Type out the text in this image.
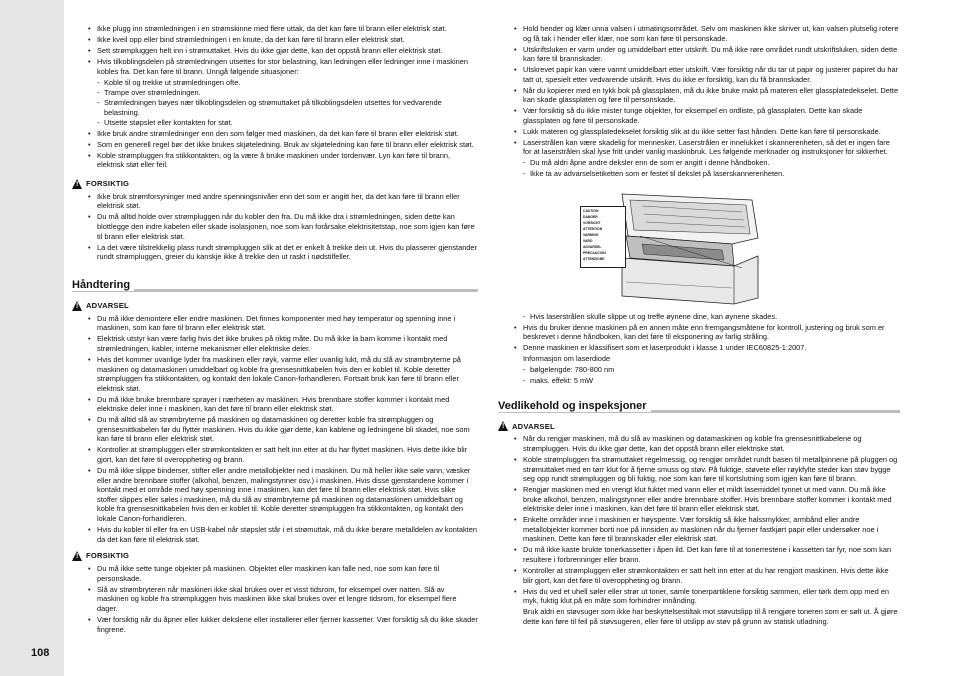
108
• Ikke plugg inn strømledningen i en strømskinne med flere uttak, da det kan føre til brann eller elektrisk støt.
• Ikke kveil opp eller bind strømledningen i en knute, da det kan føre til brann eller elektrisk støt.
• Sett strømpluggen helt inn i strømuttaket. Hvis du ikke gjør dette, kan det oppstå brann eller elektrisk støt.
• Hvis tilkoblingsdelen på strømledningen utsettes for stor belastning, kan ledningen eller ledninger inne i maskinen kobles fra. Det kan føre til brann. Unngå følgende situasjoner:
- Koble til og trekke ut strømledningen ofte.
- Trampe over strømledningen.
- Strømledningen bøyes nær tilkoblingsdelen og strømuttaket på tilkoblingsdelen utsettes for vedvarende belastning.
- Utsette støpslet eller kontakten for støt.
• Ikke bruk andre strømledninger enn den som følger med maskinen, da det kan føre til brann eller elektrisk støt.
• Som en generell regel bør det ikke brukes skjøteledning. Bruk av skjøteledning kan føre til brann eller elektrisk støt.
• Koble strømpluggen fra stikkontakten, og la være å bruke maskinen under tordenvær. Lyn kan føre til brann, elektrisk støt eller feil.
! FORSIKTIG
• Ikke bruk strømforsyninger med andre spenningsnivåer enn det som er angitt her, da det kan føre til brann eller elektrisk støt.
• Du må alltid holde over strømpluggen når du kobler den fra. Du må ikke dra i strømledningen, siden dette kan blottlegge den indre kabelen eller skade isolasjonen, noe som kan forårsake elektrisitetstap, noe som igjen kan føre til brann eller elektrisk støt.
• La det være tilstrekkelig plass rundt strømpluggen slik at det er enkelt å trekke den ut. Hvis du plasserer gjenstander rundt strømpluggen, greier du kanskje ikke å trekke den ut raskt i nødstilfeller.
Håndtering
! ADVARSEL
• Du må ikke demontere eller endre maskinen. Det finnes komponenter med høy temperatur og spenning inne i maskinen, som kan føre til brann eller elektrisk støt.
• Elektrisk utstyr kan være farlig hvis det ikke brukes på riktig måte. Du må ikke la barn komme i kontakt med strømledningen, kabler, interne mekanismer eller elektriske deler.
• Hvis det kommer uvanlige lyder fra maskinen eller røyk, varme eller uvanlig lukt, må du slå av strømbryterne på maskinen og datamaskinen umiddelbart og koble fra grensesnittkabelen hvis den er koblet til. Koble deretter strømpluggen fra stikkontakten, og kontakt den lokale Canon-forhandleren. Fortsatt bruk kan føre til brann eller elektrisk støt.
• Du må ikke bruke brennbare sprayer i nærheten av maskinen. Hvis brennbare stoffer kommer i kontakt med elektriske deler inne i maskinen, kan det føre til brann eller elektrisk støt.
• Du må alltid slå av strømbryterne på maskinen og datamaskinen og deretter koble fra strømpluggen og grensesnittkabelen før du flytter maskinen. Hvis du ikke gjør dette, kan kablene og ledningene bli skadet, noe som kan føre til brann eller elektrisk støt.
• Kontroller at strømpluggen eller strømkontakten er satt helt inn etter at du har flyttet maskinen. Hvis dette ikke blir gjort, kan det føre til overoppheting og brann.
• Du må ikke slippe binderser, stifter eller andre metallobjekter ned i maskinen. Du må heller ikke søle vann, væsker eller andre brennbare stoffer (alkohol, benzen, malingstynner osv.) i maskinen. Hvis disse gjenstandene kommer i kontakt med et område med høy spenning inne i maskinen, kan det føre til brann eller elektrisk støt. Hvis slike stoffer slippes eller søles i maskinen, må du slå av strømbryterne på maskinen og datamaskinen umiddelbart og koble fra grensesnittkabelen hvis den er koblet til. Koble deretter strømpluggen fra stikkontakten, og kontakt den lokale Canon-forhandleren.
• Hvis du kobler til eller fra en USB-kabel når støpslet står i et strømuttak, må du ikke berøre metalldelen av kontakten da det kan føre til elektrisk støt.
! FORSIKTIG
• Du må ikke sette tunge objekter på maskinen. Objektet eller maskinen kan falle ned, noe som kan føre til personskade.
• Slå av strømbryteren når maskinen ikke skal brukes over et visst tidsrom, for eksempel over natten. Slå av maskinen og koble fra strømpluggen hvis maskinen ikke skal brukes over et lengre tidsrom, for eksempel flere dager.
• Vær forsiktig når du åpner eller lukker dekslene eller installerer eller fjerner kassetter. Vær forsiktig så du ikke skader fingrene.
• Hold hender og klær unna valsen i utmatingsområdet. Selv om maskinen ikke skriver ut, kan valsen plutselig rotere og få tak i hender eller klær, noe som kan føre til personskade.
• Utskriftsluken er varm under og umiddelbart etter utskrift. Du må ikke røre området rundt utskriftsluken, siden dette kan føre til brannskader.
• Utskrevet papir kan være varmt umiddelbart etter utskrift. Vær forsiktig når du tar ut papir og justerer papiret du har tatt ut, spesielt etter vedvarende utskrift. Hvis du ikke er forsiktig, kan du få brannskader.
• Når du kopierer med en tykk bok på glassplaten, må du ikke bruke makt på materen eller glassplatedekselet. Dette kan skade glassplaten og føre til personskade.
• Vær forsiktig så du ikke mister tunge objekter, for eksempel en ordliste, på glassplaten. Dette kan skade glassplaten og føre til personskade.
• Lukk materen og glassplatedekselet forsiktig slik at du ikke setter fast hånden. Dette kan føre til personskade.
• Laserstrålen kan være skadelig for mennesker. Laserstrålen er innelukket i skannerenheten, så det er ingen fare for at laserstrålen skal lyse fritt under vanlig maskinbruk. Les følgende merknader og instruksjoner for sikkerhet.
- Du må aldri åpne andre deksler enn de som er angitt i denne håndboken.
- Ikke ta av advarselsetiketten som er festet til dekslet på laserskannerenheten.
CAUTION
DANGER
VORSICHT
ATTENTION
VARNING
VARO
ADVARSEL
PRECAUCION
ATTENZIONE
- Hvis laserstrålen skulle slippe ut og treffe øynene dine, kan øynene skades.
• Hvis du bruker denne maskinen på en annen måte enn fremgangsmåtene for kontroll, justering og bruk som er beskrevet i denne håndboken, kan det føre til eksponering av farlig stråling.
• Denne maskinen er klassifisert som et laserprodukt i klasse 1 under IEC60825-1:2007.
Informasjon om laserdiode
- bølgelengde: 780-800 nm
- maks. effekt: 5 mW
Vedlikehold og inspeksjoner
! ADVARSEL
• Når du rengjør maskinen, må du slå av maskinen og datamaskinen og koble fra grensesnittkabelene og strømpluggen. Hvis du ikke gjør dette, kan det oppstå brann eller elektriske støt.
• Koble strømpluggen fra strømuttaket regelmessig, og rengjør området rundt basen til metallpinnene på pluggen og strømuttaket med en tørr klut for å fjerne smuss og støv. På fuktige, støvete eller røykfylte steder kan støv bygge seg opp rundt strømpluggen og bli fuktig, noe som kan føre til kortslutning som igjen kan føre til brann.
• Rengjør maskinen med en vrengt klut fuktet med vann eller et mildt lasemiddel tynnet ut med vann. Du må ikke bruke alkohol, benzen, malingstynner eller andre brennbare stoffer. Hvis brennbare stoffer kommer i kontakt med elektriske deler inne i maskinen, kan det føre til brann eller elektrisk støt.
• Enkelte områder inne i maskinen er høyspente. Vær forsiktig så ikke halssmykker, armbånd eller andre metallobjekter kommer borti noe på innsiden av maskinen når du fjerner fastkjørt papir eller undersøker noe i maskinen. Dette kan føre til brannskader eller elektrisk støt.
• Du må ikke kaste brukte tonerkassetter i åpen ild. Det kan føre til at tonerrestene i kassetten tar fyr, noe som kan resultere i forbrenninger eller brann.
• Kontroller at strømpluggen eller strømkontakten er satt helt inn etter at du har rengjort maskinen. Hvis dette ikke blir gjort, kan det føre til overoppheting og brann.
• Hvis du ved et uhell søler eller strør ut toner, samle tonerpartiklene forsiktig sammen, eller tørk dem opp med en myk, fuktig klut på en måte som forhindrer innånding.
Bruk aldri en støvsuger som ikke har beskyttelsestiltak mot støvutslipp til å rengjøre toneren som er sølt ut. Å gjøre dette kan føre til feil på støvsugeren, eller føre til utslipp av støv på grunn av statisk utladning.
